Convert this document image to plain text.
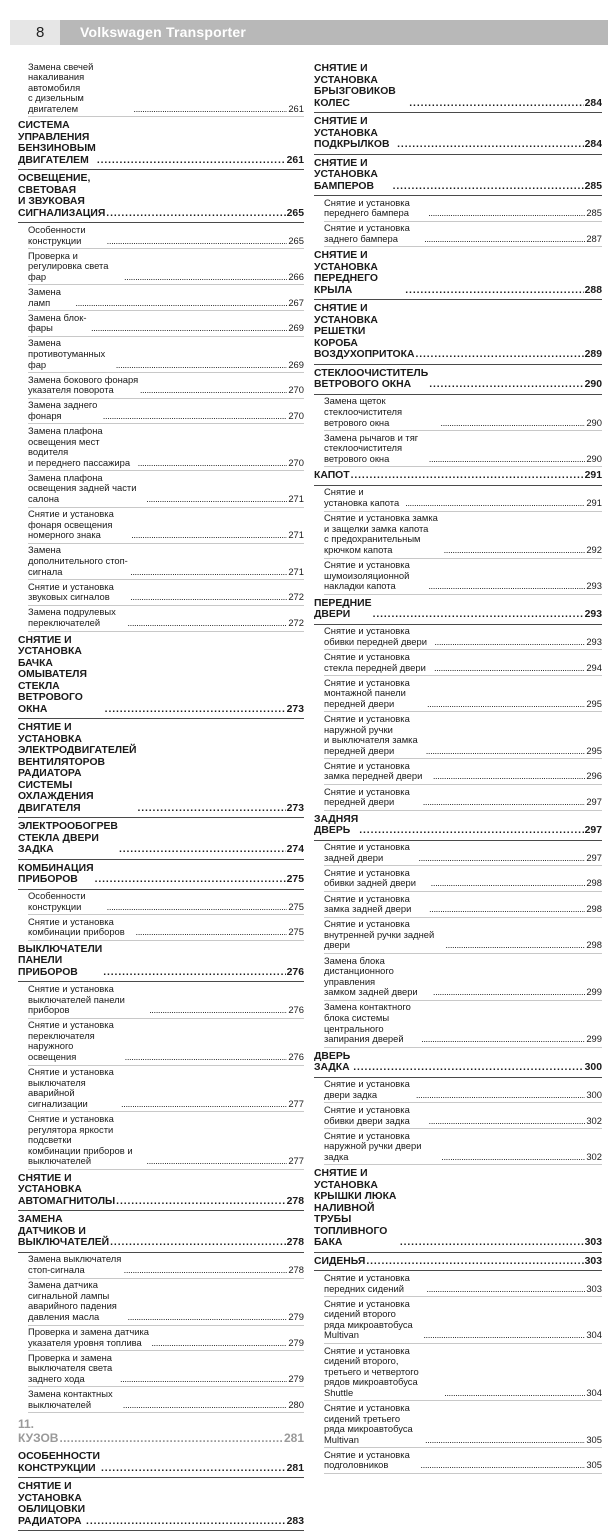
8	Volkswagen Transporter
Замена свечей накаливания автомобиля
с дизельным двигателем . . .	261
СИСТЕМА УПРАВЛЕНИЯ
БЕНЗИНОВЫМ ДВИГАТЕЛЕМ . . .	261
ОСВЕЩЕНИЕ, СВЕТОВАЯ
И ЗВУКОВАЯ СИГНАЛИЗАЦИЯ . . .	265
Особенности конструкции . . .	265
Проверка и регулировка света фар . . .	266
Замена ламп . . .	267
Замена блок-фары . . .	269
Замена противотуманных фар . . .	269
Замена бокового фонаря указателя поворота . . .	270
Замена заднего фонаря . . .	270
Замена плафона освещения мест водителя
и переднего пассажира . . .	270
Замена плафона освещения задней части салона . . .	271
Снятие и установка фонаря освещения
номерного знака . . .	271
Замена дополнительного стоп-сигнала . . .	271
Снятие и установка звуковых сигналов . . .	272
Замена подрулевых переключателей . . .	272
СНЯТИЕ И УСТАНОВКА БАЧКА
ОМЫВАТЕЛЯ СТЕКЛА ВЕТРОВОГО ОКНА . . .	273
СНЯТИЕ И УСТАНОВКА ЭЛЕКТРОДВИГАТЕЛЕЙ
ВЕНТИЛЯТОРОВ РАДИАТОРА
СИСТЕМЫ ОХЛАЖДЕНИЯ ДВИГАТЕЛЯ . . .	273
ЭЛЕКТРООБОГРЕВ СТЕКЛА ДВЕРИ ЗАДКА . . .	274
КОМБИНАЦИЯ ПРИБОРОВ . . .	275
Особенности конструкции . . .	275
Снятие и установка комбинации приборов . . .	275
ВЫКЛЮЧАТЕЛИ ПАНЕЛИ ПРИБОРОВ . . .	276
Снятие и установка выключателей панели приборов . . .	276
Снятие и установка переключателя
наружного освещения . . .	276
Снятие и установка выключателя
аварийной сигнализации . . .	277
Снятие и установка регулятора яркости подсветки
комбинации приборов и выключателей . . .	277
СНЯТИЕ И УСТАНОВКА АВТОМАГНИТОЛЫ . . .	278
ЗАМЕНА ДАТЧИКОВ И ВЫКЛЮЧАТЕЛЕЙ . . .	278
Замена выключателя стоп-сигнала . . .	278
Замена датчика сигнальной лампы
аварийного падения давления масла . . .	279
Проверка и замена датчика указателя уровня топлива . . .	279
Проверка и замена
выключателя света заднего хода . . .	279
Замена контактных выключателей . . .	280
11. КУЗОВ . . .	281
ОСОБЕННОСТИ КОНСТРУКЦИИ . . .	281
СНЯТИЕ И УСТАНОВКА
ОБЛИЦОВКИ РАДИАТОРА . . .	283
СНЯТИЕ И УСТАНОВКА БРЫЗГОВИКОВ КОЛЕС . . .	284
СНЯТИЕ И УСТАНОВКА ПОДКРЫЛКОВ . . .	284
СНЯТИЕ И УСТАНОВКА БАМПЕРОВ . . .	285
Снятие и установка переднего бампера . . .	285
Снятие и установка заднего бампера . . .	287
СНЯТИЕ И УСТАНОВКА ПЕРЕДНЕГО КРЫЛА . . .	288
СНЯТИЕ И УСТАНОВКА РЕШЕТКИ
КОРОБА ВОЗДУХОПРИТОКА . . .	289
СТЕКЛООЧИСТИТЕЛЬ ВЕТРОВОГО ОКНА . . .	290
Замена щеток стеклоочистителя ветрового окна . . .	290
Замена рычагов и тяг стеклоочистителя
ветрового окна . . .	290
КАПОТ . . .	291
Снятие и установка капота . . .	291
Снятие и установка замка и защелки замка капота
с предохранительным крючком капота . . .	292
Снятие и установка шумоизоляционной
накладки капота . . .	293
ПЕРЕДНИЕ ДВЕРИ . . .	293
Снятие и установка обивки передней двери . . .	293
Снятие и установка стекла передней двери . . .	294
Снятие и установка монтажной панели
передней двери . . .	295
Снятие и установка наружной ручки
и выключателя замка передней двери . . .	295
Снятие и установка замка передней двери . . .	296
Снятие и установка передней двери . . .	297
ЗАДНЯЯ ДВЕРЬ . . .	297
Снятие и установка задней двери . . .	297
Снятие и установка обивки задней двери . . .	298
Снятие и установка замка задней двери . . .	298
Снятие и установка внутренней ручки задней двери . . .	298
Замена блока дистанционного управления
замком задней двери . . .	299
Замена контактного блока системы
центрального запирания дверей . . .	299
ДВЕРЬ ЗАДКА . . .	300
Снятие и установка двери задка . . .	300
Снятие и установка обивки двери задка . . .	302
Снятие и установка наружной ручки двери задка . . .	302
СНЯТИЕ И УСТАНОВКА КРЫШКИ ЛЮКА
НАЛИВНОЙ ТРУБЫ ТОПЛИВНОГО БАКА . . .	303
СИДЕНЬЯ . . .	303
Снятие и установка передних сидений . . .	303
Снятие и установка сидений второго
ряда микроавтобуса Multivan . . .	304
Снятие и установка сидений второго,
третьего и четвертого рядов микроавтобуса Shuttle . . .	304
Снятие и установка сидений третьего
ряда микроавтобуса Multivan . . .	305
Снятие и установка подголовников . . .	305
